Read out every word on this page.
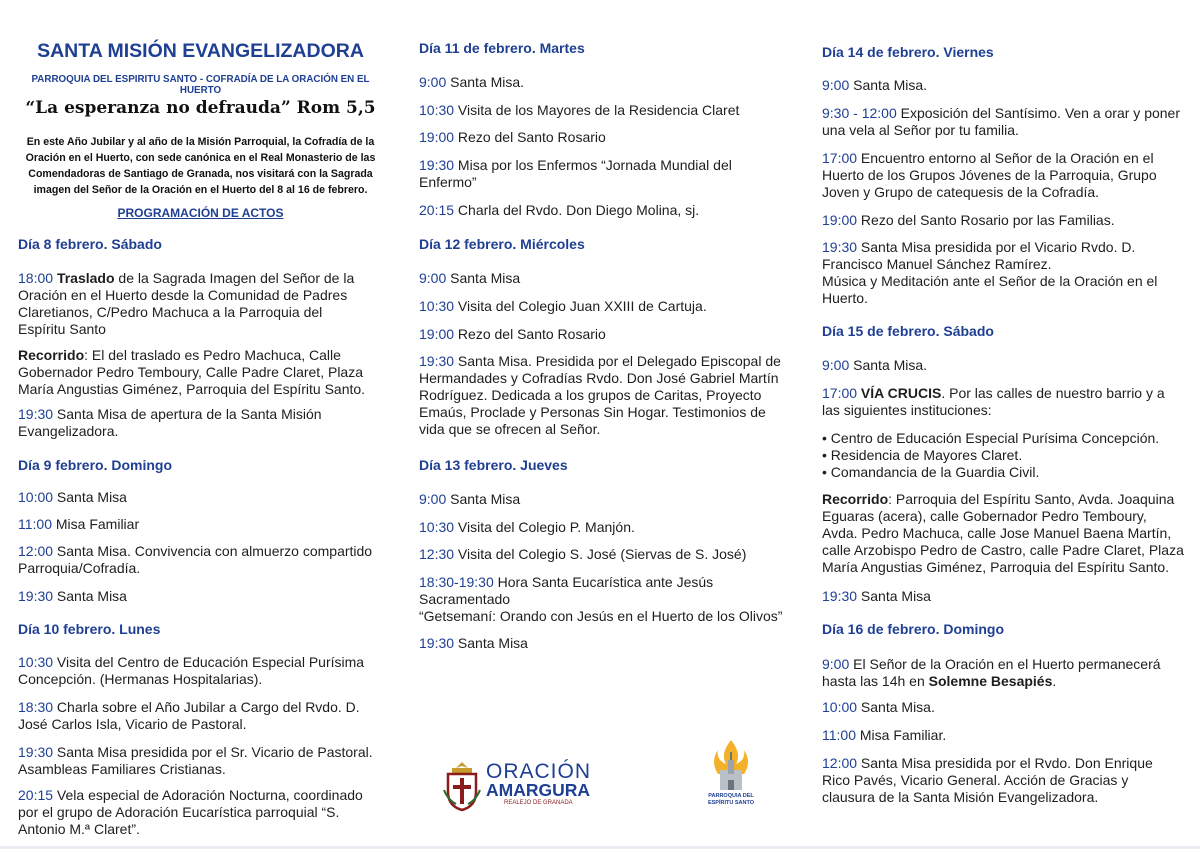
SANTA MISIÓN EVANGELIZADORA
PARROQUIA DEL ESPIRITU SANTO - COFRADÍA DE LA ORACIÓN EN EL HUERTO
“La esperanza no defrauda” Rom 5,5
En este Año Jubilar y al año de la Misión Parroquial, la Cofradía de la Oración en el Huerto, con sede canónica en el Real Monasterio de las Comendadoras de Santiago de Granada, nos visitará con la Sagrada imagen del Señor de la Oración en el Huerto del 8 al 16 de febrero.
PROGRAMACIÓN DE ACTOS
Día 8 febrero. Sábado
18:00 Traslado de la Sagrada Imagen del Señor de la Oración en el Huerto desde la Comunidad de Padres Claretianos, C/Pedro Machuca a la Parroquia del Espíritu Santo
Recorrido: El del traslado es Pedro Machuca, Calle Gobernador Pedro Temboury, Calle Padre Claret, Plaza María Angustias Giménez, Parroquia del Espíritu Santo.
19:30 Santa Misa de apertura de la Santa Misión Evangelizadora.
Día 9 febrero. Domingo
10:00 Santa Misa
11:00 Misa Familiar
12:00 Santa Misa. Convivencia con almuerzo compartido Parroquia/Cofradía.
19:30 Santa Misa
Día 10 febrero. Lunes
10:30 Visita del Centro de Educación Especial Purísima Concepción. (Hermanas Hospitalarias).
18:30 Charla sobre el Año Jubilar a Cargo del Rvdo. D. José Carlos Isla, Vicario de Pastoral.
19:30 Santa Misa presidida por el Sr. Vicario de Pastoral. Asambleas Familiares Cristianas.
20:15 Vela especial de Adoración Nocturna, coordinado por el grupo de Adoración Eucarística parroquial “S. Antonio M.ª Claret”.
Día 11 de febrero. Martes
9:00 Santa Misa.
10:30 Visita de los Mayores de la Residencia Claret
19:00 Rezo del Santo Rosario
19:30 Misa por los Enfermos “Jornada Mundial del Enfermo”
20:15 Charla del Rvdo. Don Diego Molina, sj.
Día 12 febrero. Miércoles
9:00 Santa Misa
10:30 Visita del Colegio Juan XXIII de Cartuja.
19:00 Rezo del Santo Rosario
19:30 Santa Misa. Presidida por el Delegado Episcopal de Hermandades y Cofradías Rvdo. Don José Gabriel Martín Rodríguez. Dedicada a los grupos de Caritas, Proyecto Emaús, Proclade y Personas Sin Hogar. Testimonios de vida que se ofrecen al Señor.
Día 13 febrero. Jueves
9:00 Santa Misa
10:30 Visita del Colegio P. Manjón.
12:30 Visita del Colegio S. José (Siervas de S. José)
18:30-19:30 Hora Santa Eucarística ante Jesús Sacramentado
“Getsemaní: Orando con Jesús en el Huerto de los Olivos”
19:30 Santa Misa
ORACIÓN
AMARGURA
REALEJO DE GRANADA
PARROQUIA DEL
ESPÍRITU SANTO
Día 14 de febrero. Viernes
9:00 Santa Misa.
9:30 - 12:00 Exposición del Santísimo. Ven a orar y poner una vela al Señor por tu familia.
17:00 Encuentro entorno al Señor de la Oración en el Huerto de los Grupos Jóvenes de la Parroquia, Grupo Joven y Grupo de catequesis de la Cofradía.
19:00 Rezo del Santo Rosario por las Familias.
19:30 Santa Misa presidida por el Vicario Rvdo. D. Francisco Manuel Sánchez Ramírez.
Música y Meditación ante el Señor de la Oración en el Huerto.
Día 15 de febrero. Sábado
9:00 Santa Misa.
17:00 VÍA CRUCIS. Por las calles de nuestro barrio y a las siguientes instituciones:
• Centro de Educación Especial Purísima Concepción.
• Residencia de Mayores Claret.
• Comandancia de la Guardia Civil.
Recorrido: Parroquia del Espíritu Santo, Avda. Joaquina Eguaras (acera), calle Gobernador Pedro Temboury, Avda. Pedro Machuca, calle Jose Manuel Baena Martín, calle Arzobispo Pedro de Castro, calle Padre Claret, Plaza María Angustias Giménez, Parroquia del Espíritu Santo.
19:30 Santa Misa
Día 16 de febrero. Domingo
9:00 El Señor de la Oración en el Huerto permanecerá hasta las 14h en Solemne Besapiés.
10:00 Santa Misa.
11:00 Misa Familiar.
12:00 Santa Misa presidida por el Rvdo. Don Enrique Rico Pavés, Vicario General. Acción de Gracias y clausura de la Santa Misión Evangelizadora.
